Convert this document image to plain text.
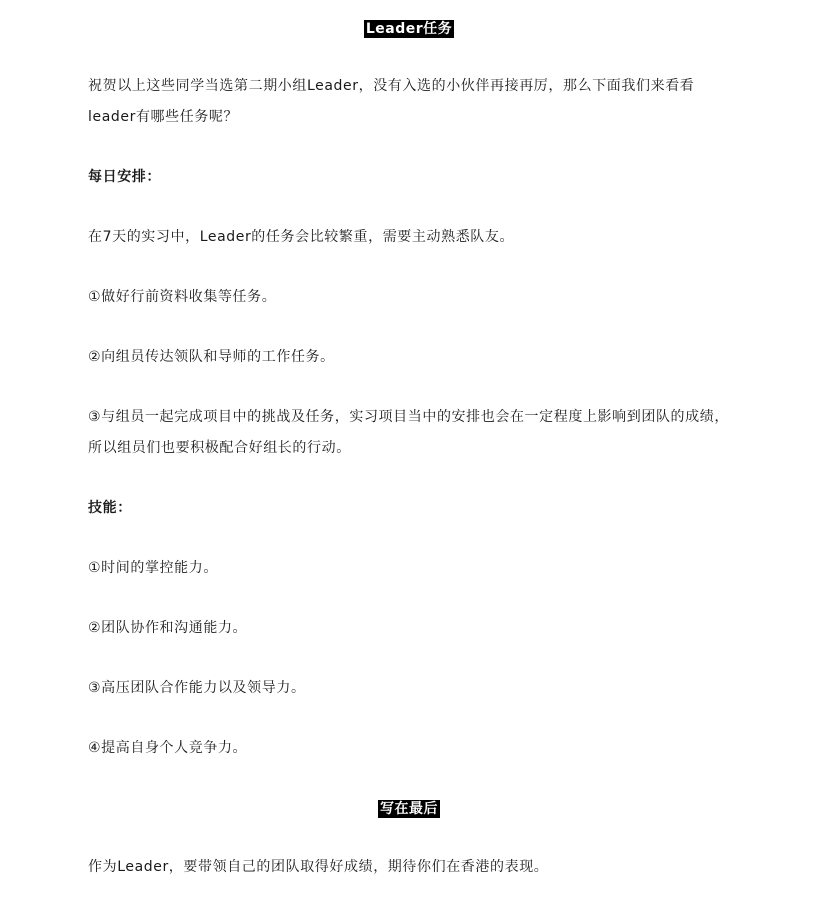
Leader任务
祝贺以上这些同学当选第二期小组Leader，没有入选的小伙伴再接再厉，那么下面我们来看看leader有哪些任务呢？
每日安排：
在7天的实习中，Leader的任务会比较繁重，需要主动熟悉队友。
①做好行前资料收集等任务。
②向组员传达领队和导师的工作任务。
③与组员一起完成项目中的挑战及任务，实习项目当中的安排也会在一定程度上影响到团队的成绩，所以组员们也要积极配合好组长的行动。
技能：
①时间的掌控能力。
②团队协作和沟通能力。
③高压团队合作能力以及领导力。
④提高自身个人竞争力。
写在最后
作为Leader，要带领自己的团队取得好成绩，期待你们在香港的表现。
